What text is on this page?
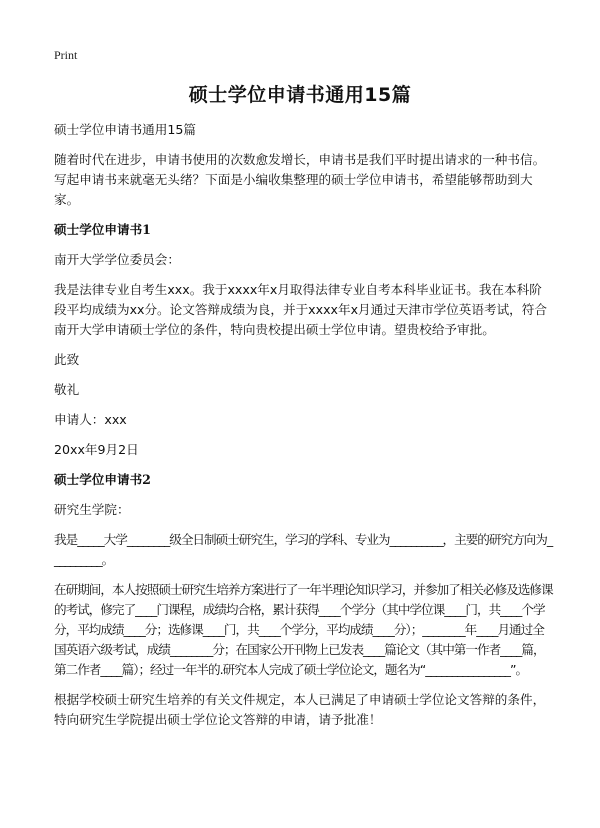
Print
硕士学位申请书通用15篇

硕士学位申请书通用15篇

随着时代在进步，申请书使用的次数愈发增长，申请书是我们平时提出请求的一种书信。写起申请书来就毫无头绪？下面是小编收集整理的硕士学位申请书，希望能够帮助到大家。

硕士学位申请书1

南开大学学位委员会：

我是法律专业自考生xxx。我于xxxx年x月取得法律专业自考本科毕业证书。我在本科阶段平均成绩为xx分。论文答辩成绩为良，并于xxxx年x月通过天津市学位英语考试，符合南开大学申请硕士学位的条件，特向贵校提出硕士学位申请。望贵校给予审批。

此致

敬礼

申请人：xxx

20xx年9月2日

硕士学位申请书2

研究生学院：

我是_____大学________级全日制硕士研究生，学习的学科、专业为__________，主要的研究方向为__________。

在研期间，本人按照硕士研究生培养方案进行了一年半理论知识学习，并参加了相关必修及选修课的考试，修完了____门课程，成绩均合格，累计获得____个学分（其中学位课____门，共____个学分，平均成绩____分；选修课____门，共____个学分，平均成绩____分）；________年____月通过全国英语六级考试，成绩________分；在国家公开刊物上已发表____篇论文（其中第一作者____篇，第二作者____篇）；经过一年半的.研究本人完成了硕士学位论文，题名为“________________”。

根据学校硕士研究生培养的有关文件规定，本人已满足了申请硕士学位论文答辩的条件，特向研究生学院提出硕士学位论文答辩的申请，请予批准！
